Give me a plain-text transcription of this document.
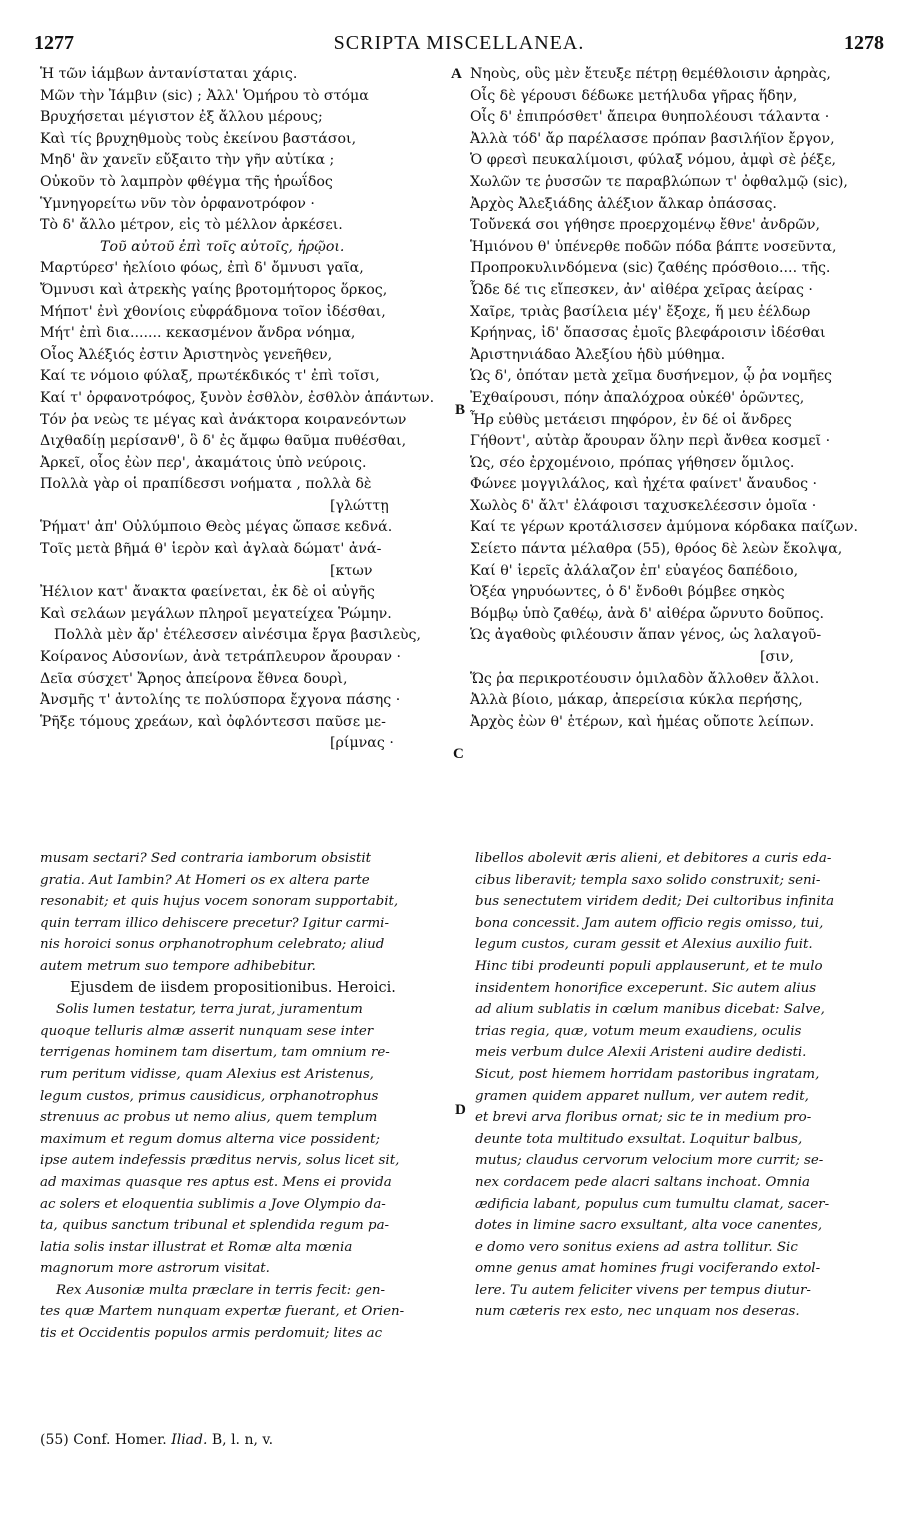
1277	SCRIPTA MISCELLANEA.	1278
Ἡ τῶν ἰάμβων ἀντανίσταται χάρις.
Μῶν τὴν Ἰάμβιν (sic) ; Ἀλλ' Ὁμήρου τὸ στόμα
Βρυχήσεται μέγιστον ἐξ ἄλλου μέρους;
Καὶ τίς βρυχηθμοὺς τοὺς ἐκείνου βαστάσοι,
Μηδ' ἂν χανεῖν εὔξαιτο τὴν γῆν αὐτίκα ;
Οὐκοῦν τὸ λαμπρὸν φθέγμα τῆς ἡρωΐδος
Ὑμνηγορείτω νῦν τὸν ὀρφανοτρόφον ·
Τὸ δ' ἄλλο μέτρον, εἰς τὸ μέλλον ἀρκέσει.
Τοῦ αὐτοῦ ἐπὶ τοῖς αὐτοῖς, ἡρῷοι.
Μαρτύρεσ' ἠελίοιο φόως, ἐπὶ δ' ὄμνυσι γαῖα,
Ὄμνυσι καὶ ἀτρεκὴς γαίης βροτομήτορος ὅρκος,
Μήποτ' ἐνὶ χθονίοις εὐφράδμονα τοῖον ἰδέσθαι,
Μήτ' ἐπὶ δια....... κεκασμένον ἄνδρα νόημα,
Οἷος Ἀλέξιός ἐστιν Ἀριστηνὸς γενεῆθεν,
Καί τε νόμοιο φύλαξ, πρωτέκδικός τ' ἐπὶ τοῖσι,
Καί τ' ὀρφανοτρόφος, ξυνὸν ἐσθλὸν, ἐσθλὸν ἁπάντων.
Τόν ῥα νεὼς τε μέγας καὶ ἀνάκτορα κοιρανεόντων
Διχθαδίῃ μερίσανθ', ὃ δ' ἐς ἄμφω θαῦμα πυθέσθαι,
Ἀρκεῖ, οἷος ἐὼν περ', ἀκαμάτοις ὑπὸ νεύροις.
Πολλὰ γὰρ οἱ πραπίδεσσι νοήματα , πολλὰ δὲ
[γλώττῃ
Ῥήματ' ἀπ' Οὐλύμποιο Θεὸς μέγας ὤπασε κεδνά.
Τοῖς μετὰ βῆμά θ' ἱερὸν καὶ ἀγλαὰ δώματ' ἀνά-
[κτων
Ἠέλιον κατ' ἄνακτα φαείνεται, ἐκ δὲ οἱ αὐγῆς
Καὶ σελάων μεγάλων πληροῖ μεγατείχεα Ῥώμην.
Πολλὰ μὲν ἄρ' ἐτέλεσσεν αἰνέσιμα ἔργα βασιλεὺς,
Κοίρανος Αὐσονίων, ἀνὰ τετράπλευρον ἄρουραν ·
Δεῖα σύσχετ' Ἄρηος ἀπείρονα ἔθνεα δουρὶ,
Ἀνσμῆς τ' ἀντολίης τε πολύσπορα ἔχγονα πάσης ·
Ῥῆξε τόμους χρεάων, καὶ ὀφλόντεσσι παῦσε με-
[ρίμνας ·
Νηοὺς, οὓς μὲν ἔτευξε πέτρῃ θεμέθλοισιν ἀρηρὰς,
Οἷς δὲ γέρουσι δέδωκε μετήλυδα γῆρας ἥδην,
Οἷς δ' ἐπιπρόσθετ' ἄπειρα θυηπολέουσι τάλαντα ·
Ἀλλὰ τόδ' ἄρ παρέλασσε πρόπαν βασιλήϊον ἔργον,
Ὁ φρεσὶ πευκαλίμοισι, φύλαξ νόμου, ἀμφὶ σὲ ῥέξε,
Χωλῶν τε ῥυσσῶν τε παραβλώπων τ' ὀφθαλμῷ (sic),
Ἀρχὸς Ἀλεξιάδης ἀλέξιον ἄλκαρ ὀπάσσας.
Τοὔνεκά σοι γήθησε προερχομένῳ ἔθνε' ἀνδρῶν,
Ἡμιόνου θ' ὑπένερθε ποδῶν πόδα βάπτε νοσεῦντα,
Προπροκυλινδόμενα (sic) ζαθέης πρόσθοιο.... τῆς.
Ὧδε δέ τις εἴπεσκεν, ἀν' αἰθέρα χεῖρας ἀείρας ·
Χαῖρε, τριὰς βασίλεια μέγ' ἔξοχε, ἥ μευ ἐέλδωρ
Κρήηνας, ἰδ' ὄπασσας ἐμοῖς βλεφάροισιν ἰδέσθαι
Ἀριστηνιάδαο Ἀλεξίου ἡδὺ μύθημα.
Ὡς δ', ὁπόταν μετὰ χεῖμα δυσήνεμον, ᾧ ῥα νομῆες
Ἐχθαίρουσι, πόην ἀπαλόχροα οὐκέθ' ὁρῶντες,
Ἦρ εὐθὺς μετάεισι πηφόρον, ἐν δέ οἱ ἄνδρες
Γήθοντ', αὐτὰρ ἄρουραν ὅλην περὶ ἄνθεα κοσμεῖ ·
Ὡς, σέο ἐρχομένοιο, πρόπας γήθησεν ὅμιλος.
Φώνεε μογγιλάλος, καὶ ἠχέτα φαίνετ' ἄναυδος ·
Χωλὸς δ' ἄλτ' ἐλάφοισι ταχυσκελέεσσιν ὁμοῖα ·
Καί τε γέρων κροτάλισσεν ἀμύμονα κόρδακα παίζων.
Σείετο πάντα μέλαθρα (55), θρόος δὲ λεὼν ἔκολψα,
Καί θ' ἱερεῖς ἀλάλαζον ἐπ' εὐαγέος δαπέδοιο,
Ὀξέα γηρυόωντες, ὁ δ' ἔνδοθι βόμβεε σηκὸς
Βόμβῳ ὑπὸ ζαθέῳ, ἀνὰ δ' αἰθέρα ὤρνυτο δοῦπος.
Ὡς ἀγαθοὺς φιλέουσιν ἅπαν γένος, ὡς λαλαγοῦ-
[σιν,
Ὥς ῥα περικροτέουσιν ὁμιλαδὸν ἄλλοθεν ἄλλοι.
Ἀλλὰ βίοιο, μάκαρ, ἀπερείσια κύκλα περήσης,
Ἀρχὸς ἐὼν θ' ἑτέρων, καὶ ἡμέας οὔποτε λείπων.
A
B
C
D
musam sectari? Sed contraria iamborum obsistit
gratia. Aut Iambin? At Homeri os ex altera parte
resonabit; et quis hujus vocem sonoram supportabit,
quin terram illico dehiscere precetur? Igitur carmi-
nis horoici sonus orphanotrophum celebrato; aliud
autem metrum suo tempore adhibebitur.
Ejusdem de iisdem propositionibus. Heroici.
Solis lumen testatur, terra jurat, juramentum
quoque telluris almæ asserit nunquam sese inter
terrigenas hominem tam disertum, tam omnium re-
rum peritum vidisse, quam Alexius est Aristenus,
legum custos, primus causidicus, orphanotrophus
strenuus ac probus ut nemo alius, quem templum
maximum et regum domus alterna vice possident;
ipse autem indefessis præditus nervis, solus licet sit,
ad maximas quasque res aptus est. Mens ei provida
ac solers et eloquentia sublimis a Jove Olympio da-
ta, quibus sanctum tribunal et splendida regum pa-
latia solis instar illustrat et Romæ alta mœnia
magnorum more astrorum visitat.
Rex Ausoniæ multa præclare in terris fecit: gen-
tes quæ Martem nunquam expertæ fuerant, et Orien-
tis et Occidentis populos armis perdomuit; lites ac
libellos abolevit æris alieni, et debitores a curis eda-
cibus liberavit; templa saxo solido construxit; seni-
bus senectutem viridem dedit; Dei cultoribus infinita
bona concessit. Jam autem officio regis omisso, tui,
legum custos, curam gessit et Alexius auxilio fuit.
Hinc tibi prodeunti populi applauserunt, et te mulo
insidentem honorifice exceperunt. Sic autem alius
ad alium sublatis in cœlum manibus dicebat: Salve,
trias regia, quæ, votum meum exaudiens, oculis
meis verbum dulce Alexii Aristeni audire dedisti.
Sicut, post hiemem horridam pastoribus ingratam,
gramen quidem apparet nullum, ver autem redit,
et brevi arva floribus ornat; sic te in medium pro-
deunte tota multitudo exsultat. Loquitur balbus,
mutus; claudus cervorum velocium more currit; se-
nex cordacem pede alacri saltans inchoat. Omnia
ædificia labant, populus cum tumultu clamat, sacer-
dotes in limine sacro exsultant, alta voce canentes,
e domo vero sonitus exiens ad astra tollitur. Sic
omne genus amat homines frugi vociferando extol-
lere. Tu autem feliciter vivens per tempus diutur-
num cæteris rex esto, nec unquam nos deseras.
(55) Conf. Homer. Iliad. B, l. n, v.
